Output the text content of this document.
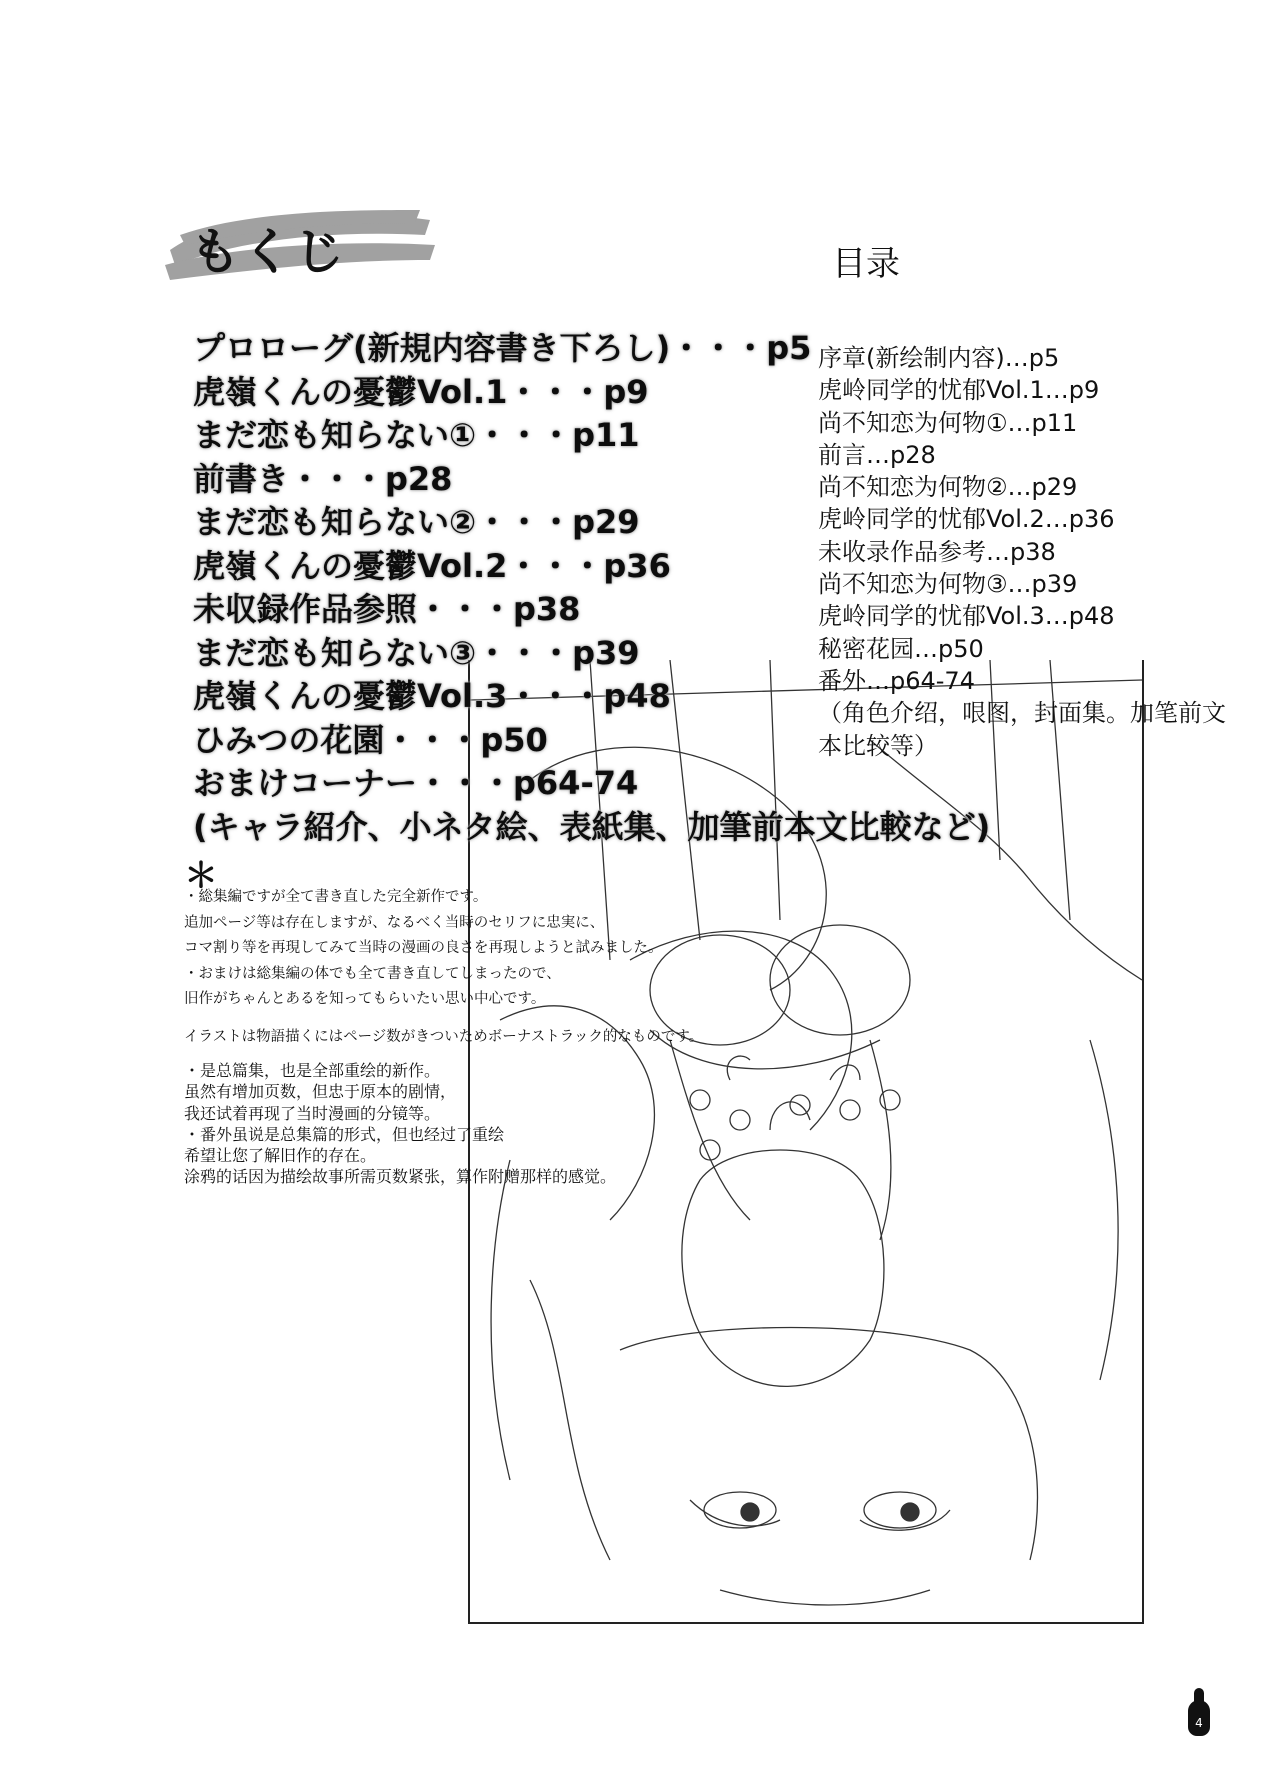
もくじ	目录
プロローグ(新規内容書き下ろし)・・・p5
虎嶺くんの憂鬱Vol.1・・・p9
まだ恋も知らない①・・・p11
前書き・・・p28
まだ恋も知らない②・・・p29
虎嶺くんの憂鬱Vol.2・・・p36
未収録作品参照・・・p38
まだ恋も知らない③・・・p39
虎嶺くんの憂鬱Vol.3・・・p48
ひみつの花園・・・p50
おまけコーナー・・・p64-74
(キャラ紹介、小ネタ絵、表紙集、加筆前本文比較など)
序章(新绘制内容)…p5
虎岭同学的忧郁Vol.1…p9
尚不知恋为何物①…p11
前言…p28
尚不知恋为何物②…p29
虎岭同学的忧郁Vol.2…p36
未收录作品参考…p38
尚不知恋为何物③…p39
虎岭同学的忧郁Vol.3…p48
秘密花园…p50
番外…p64-74
（角色介绍，哏图，封面集。加笔前文本比较等）
＊
・総集編ですが全て書き直した完全新作です。
追加ページ等は存在しますが、なるべく当時のセリフに忠実に、
コマ割り等を再現してみて当時の漫画の良さを再現しようと試みました。
・おまけは総集編の体でも全て書き直してしまったので、
旧作がちゃんとあるを知ってもらいたい思い中心です。
イラストは物語描くにはページ数がきついためボーナストラック的なものです。
・是总篇集，也是全部重绘的新作。
虽然有增加页数，但忠于原本的剧情，
我还试着再现了当时漫画的分镜等。
・番外虽说是总集篇的形式，但也经过了重绘
希望让您了解旧作的存在。
涂鸦的话因为描绘故事所需页数紧张，算作附赠那样的感觉。
4
